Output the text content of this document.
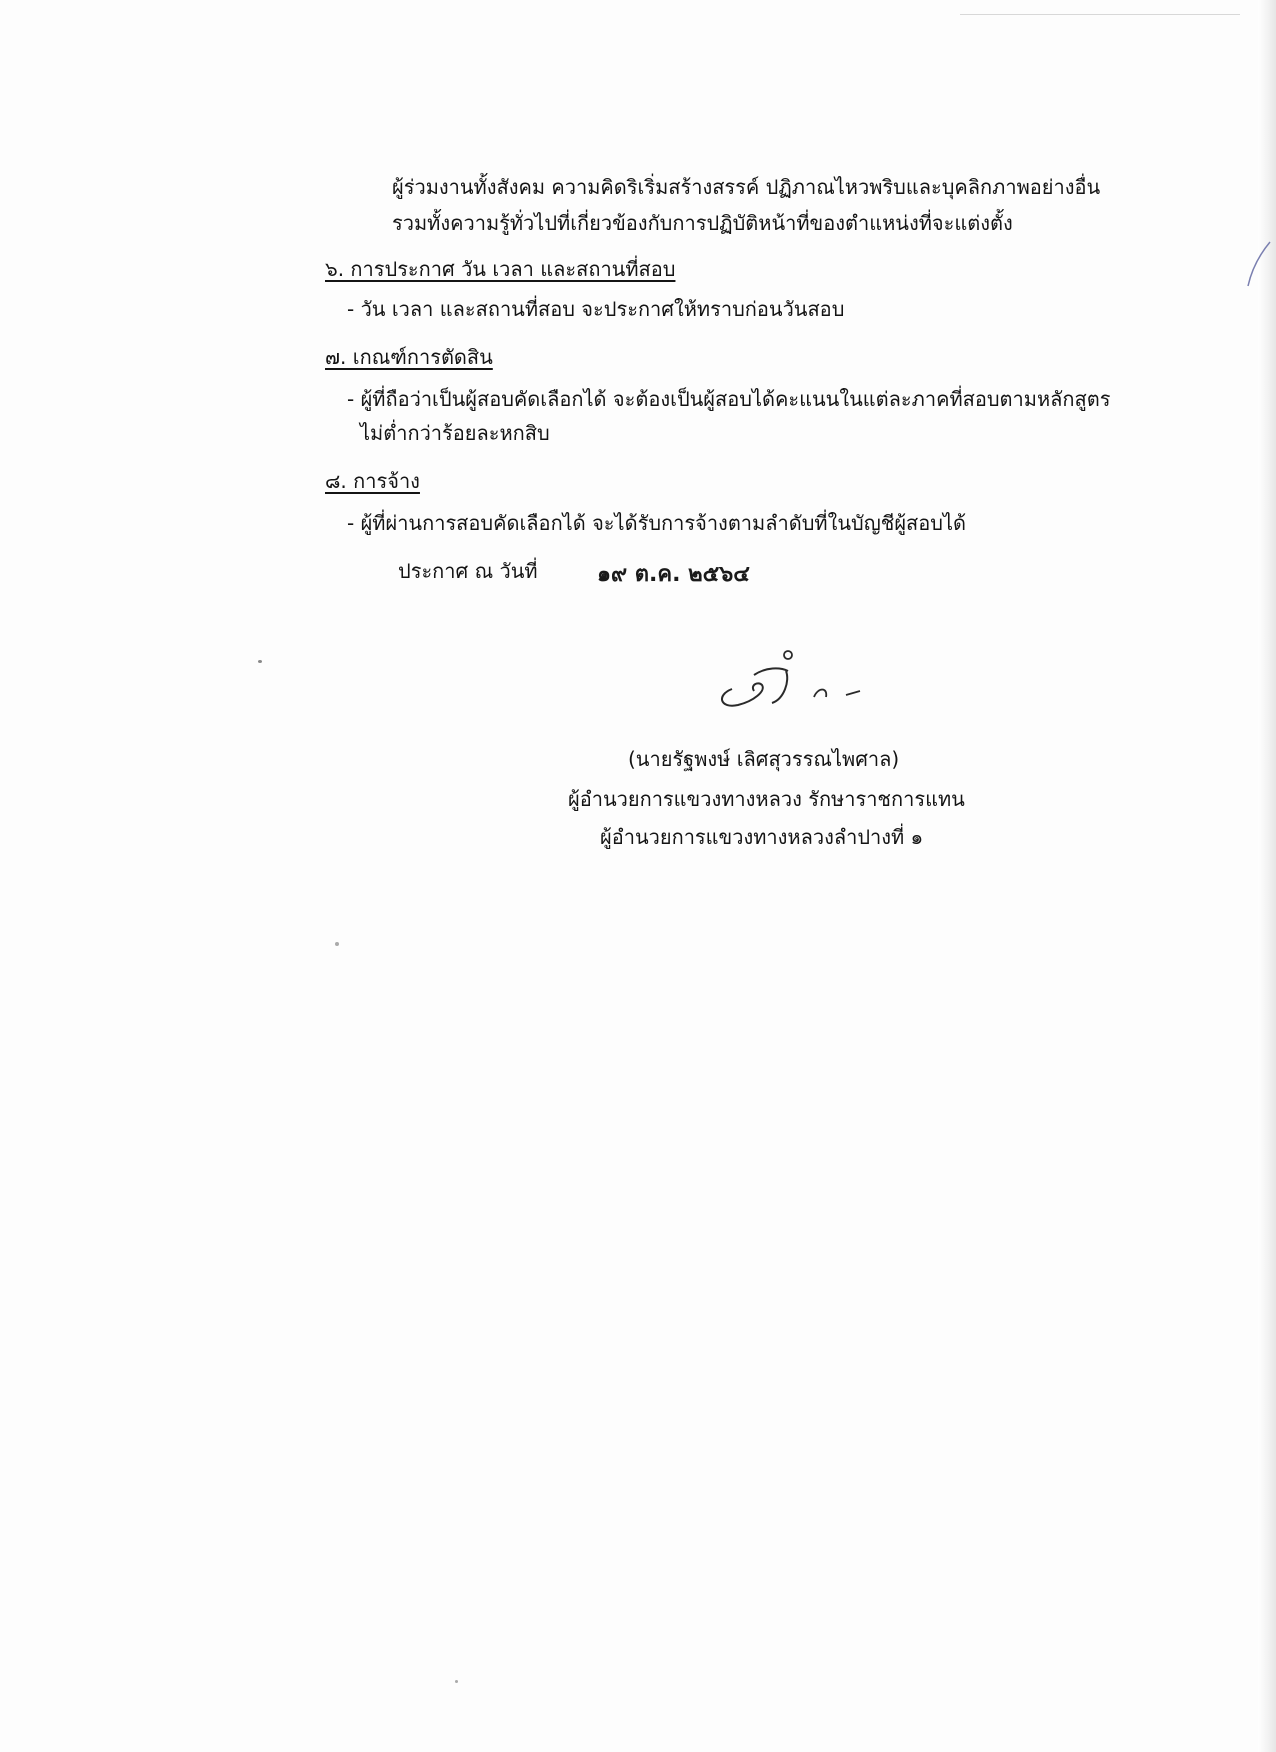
ผู้ร่วมงานทั้งสังคม ความคิดริเริ่มสร้างสรรค์ ปฏิภาณไหวพริบและบุคลิกภาพอย่างอื่น

รวมทั้งความรู้ทั่วไปที่เกี่ยวข้องกับการปฏิบัติหน้าที่ของตำแหน่งที่จะแต่งตั้ง

๖. การประกาศ วัน เวลา และสถานที่สอบ

- วัน เวลา และสถานที่สอบ จะประกาศให้ทราบก่อนวันสอบ

๗. เกณฑ์การตัดสิน

- ผู้ที่ถือว่าเป็นผู้สอบคัดเลือกได้ จะต้องเป็นผู้สอบได้คะแนนในแต่ละภาคที่สอบตามหลักสูตร

ไม่ต่ำกว่าร้อยละหกสิบ

๘. การจ้าง

- ผู้ที่ผ่านการสอบคัดเลือกได้ จะได้รับการจ้างตามลำดับที่ในบัญชีผู้สอบได้

ประกาศ ณ วันที่	๑๙ ต.ค. ๒๕๖๔

(นายรัฐพงษ์ เลิศสุวรรณไพศาล)

ผู้อำนวยการแขวงทางหลวง รักษาราชการแทน

ผู้อำนวยการแขวงทางหลวงลำปางที่ ๑
